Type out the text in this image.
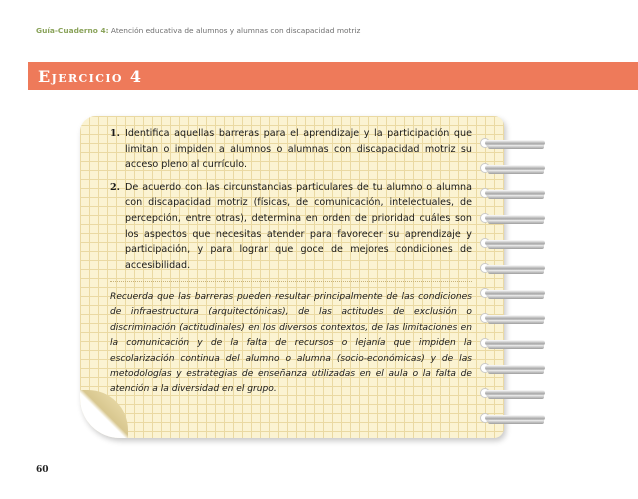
Guía-Cuaderno 4: Atención educativa de alumnos y alumnas con discapacidad motriz
Ejercicio 4
1. Identifica aquellas barreras para el aprendizaje y la participación que limitan o impiden a alumnos o alumnas con discapacidad motriz su acceso pleno al currículo.
2. De acuerdo con las circunstancias particulares de tu alumno o alumna con discapacidad motriz (físicas, de comunicación, intelectuales, de percepción, entre otras), determina en orden de prioridad cuáles son los aspectos que necesitas atender para favorecer su aprendizaje y participación, y para lograr que goce de mejores condiciones de accesibilidad.
Recuerda que las barreras pueden resultar principalmente de las condiciones de infraestructura (arquitectónicas), de las actitudes de exclusión o discriminación (actitudinales) en los diversos contextos, de las limitaciones en la comunicación y de la falta de recursos o lejanía que impiden la escolarización continua del alumno o alumna (socio-económicas) y de las metodologías y estrategias de enseñanza utilizadas en el aula o la falta de atención a la diversidad en el grupo.
60
